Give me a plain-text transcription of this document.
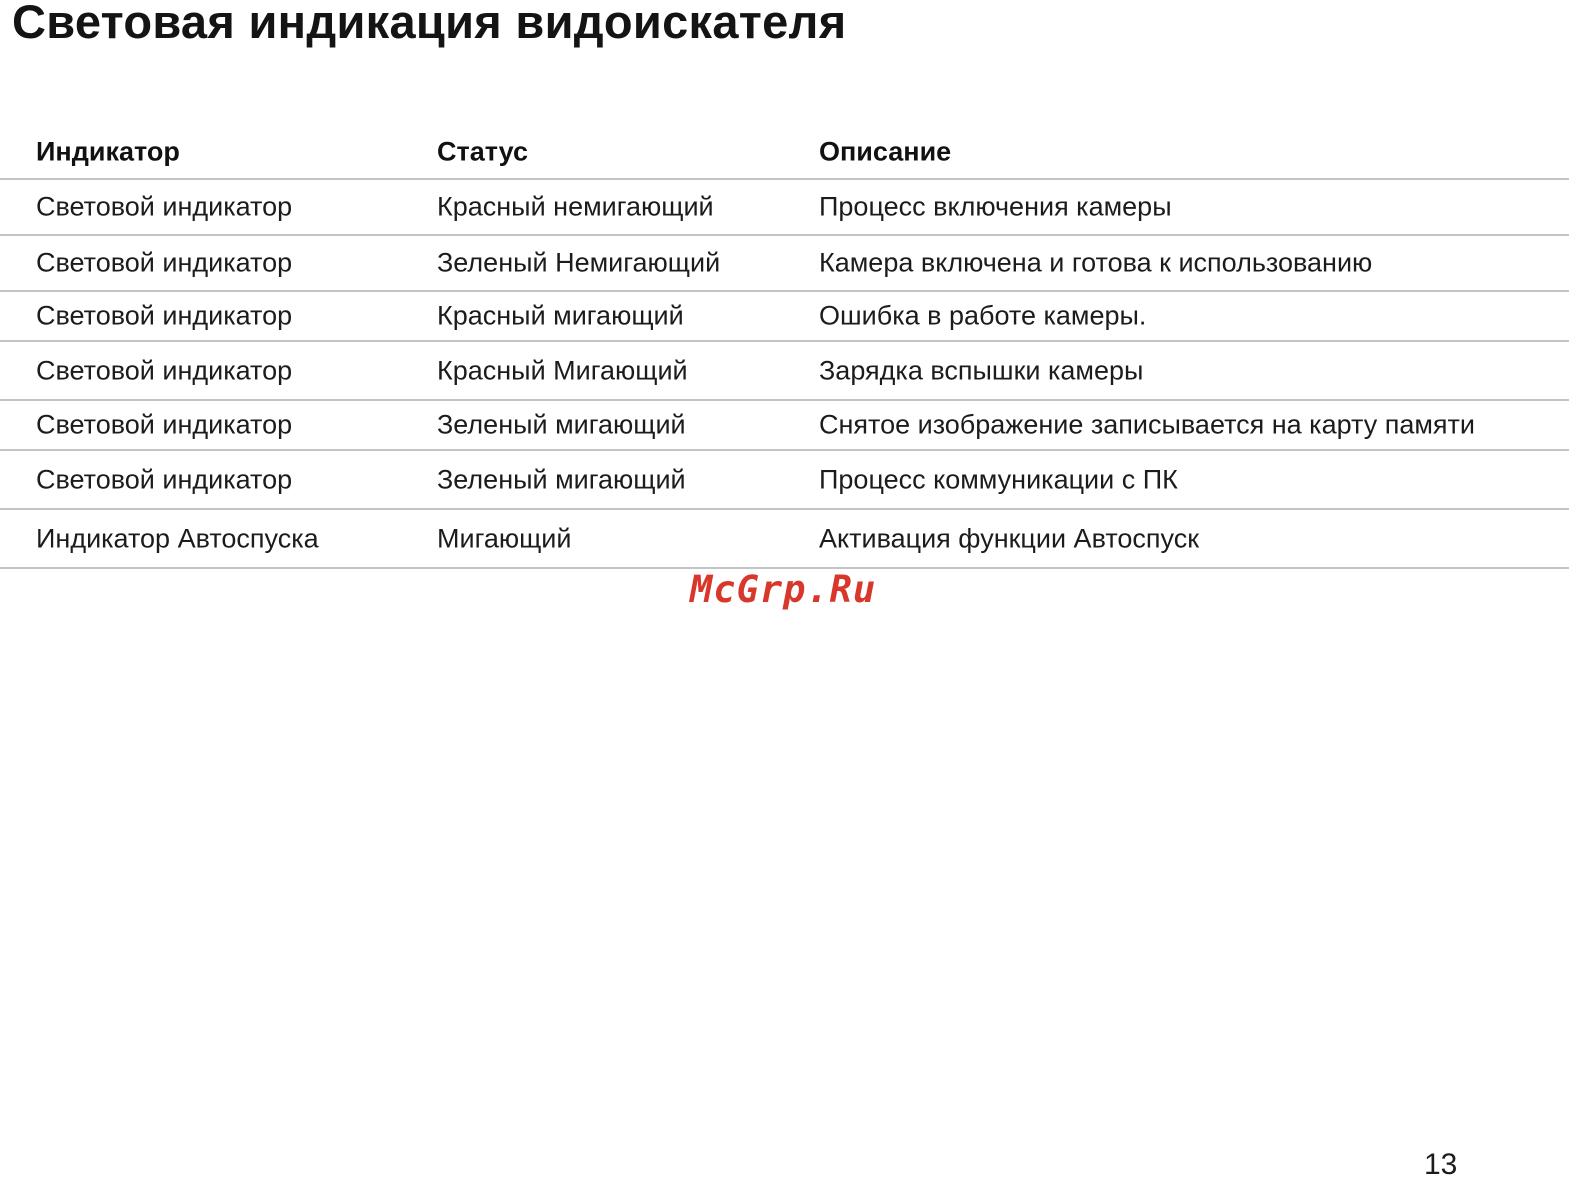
Световая индикация видоискателя
Индикатор	Статус	Описание
Световой индикатор	Красный немигающий	Процесс включения камеры
Световой индикатор	Зеленый Немигающий	Камера включена и готова к использованию
Световой индикатор	Красный мигающий	Ошибка в работе камеры.
Световой индикатор	Красный Мигающий	Зарядка вспышки камеры
Световой индикатор	Зеленый мигающий	Снятое изображение записывается на карту памяти
Световой индикатор	Зеленый мигающий	Процесс коммуникации с ПК
Индикатор Автоспуска	Мигающий	Активация функции Автоспуск
McGrp.Ru
13
